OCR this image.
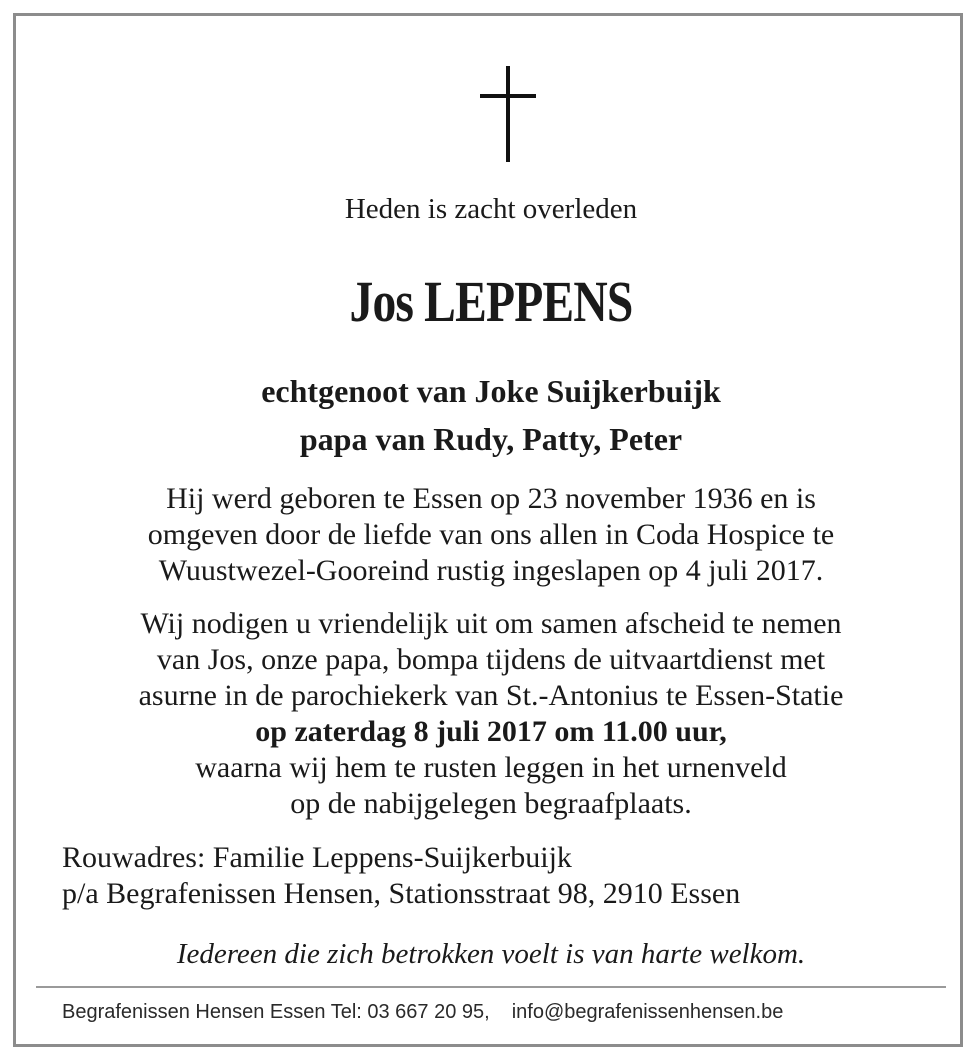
Heden is zacht overleden
Jos LEPPENS
echtgenoot van Joke Suijkerbuijk
papa van Rudy, Patty, Peter
Hij werd geboren te Essen op 23 november 1936 en is
omgeven door de liefde van ons allen in Coda Hospice te
Wuustwezel-Gooreind rustig ingeslapen op 4 juli 2017.
Wij nodigen u vriendelijk uit om samen afscheid te nemen
van Jos, onze papa, bompa tijdens de uitvaartdienst met
asurne in de parochiekerk van St.-Antonius te Essen-Statie
op zaterdag 8 juli 2017 om 11.00 uur,
waarna wij hem te rusten leggen in het urnenveld
op de nabijgelegen begraafplaats.
Rouwadres: Familie Leppens-Suijkerbuijk
p/a Begrafenissen Hensen, Stationsstraat 98, 2910 Essen
Iedereen die zich betrokken voelt is van harte welkom.
Begrafenissen Hensen Essen Tel: 03 667 20 95, info@begrafenissenhensen.be
